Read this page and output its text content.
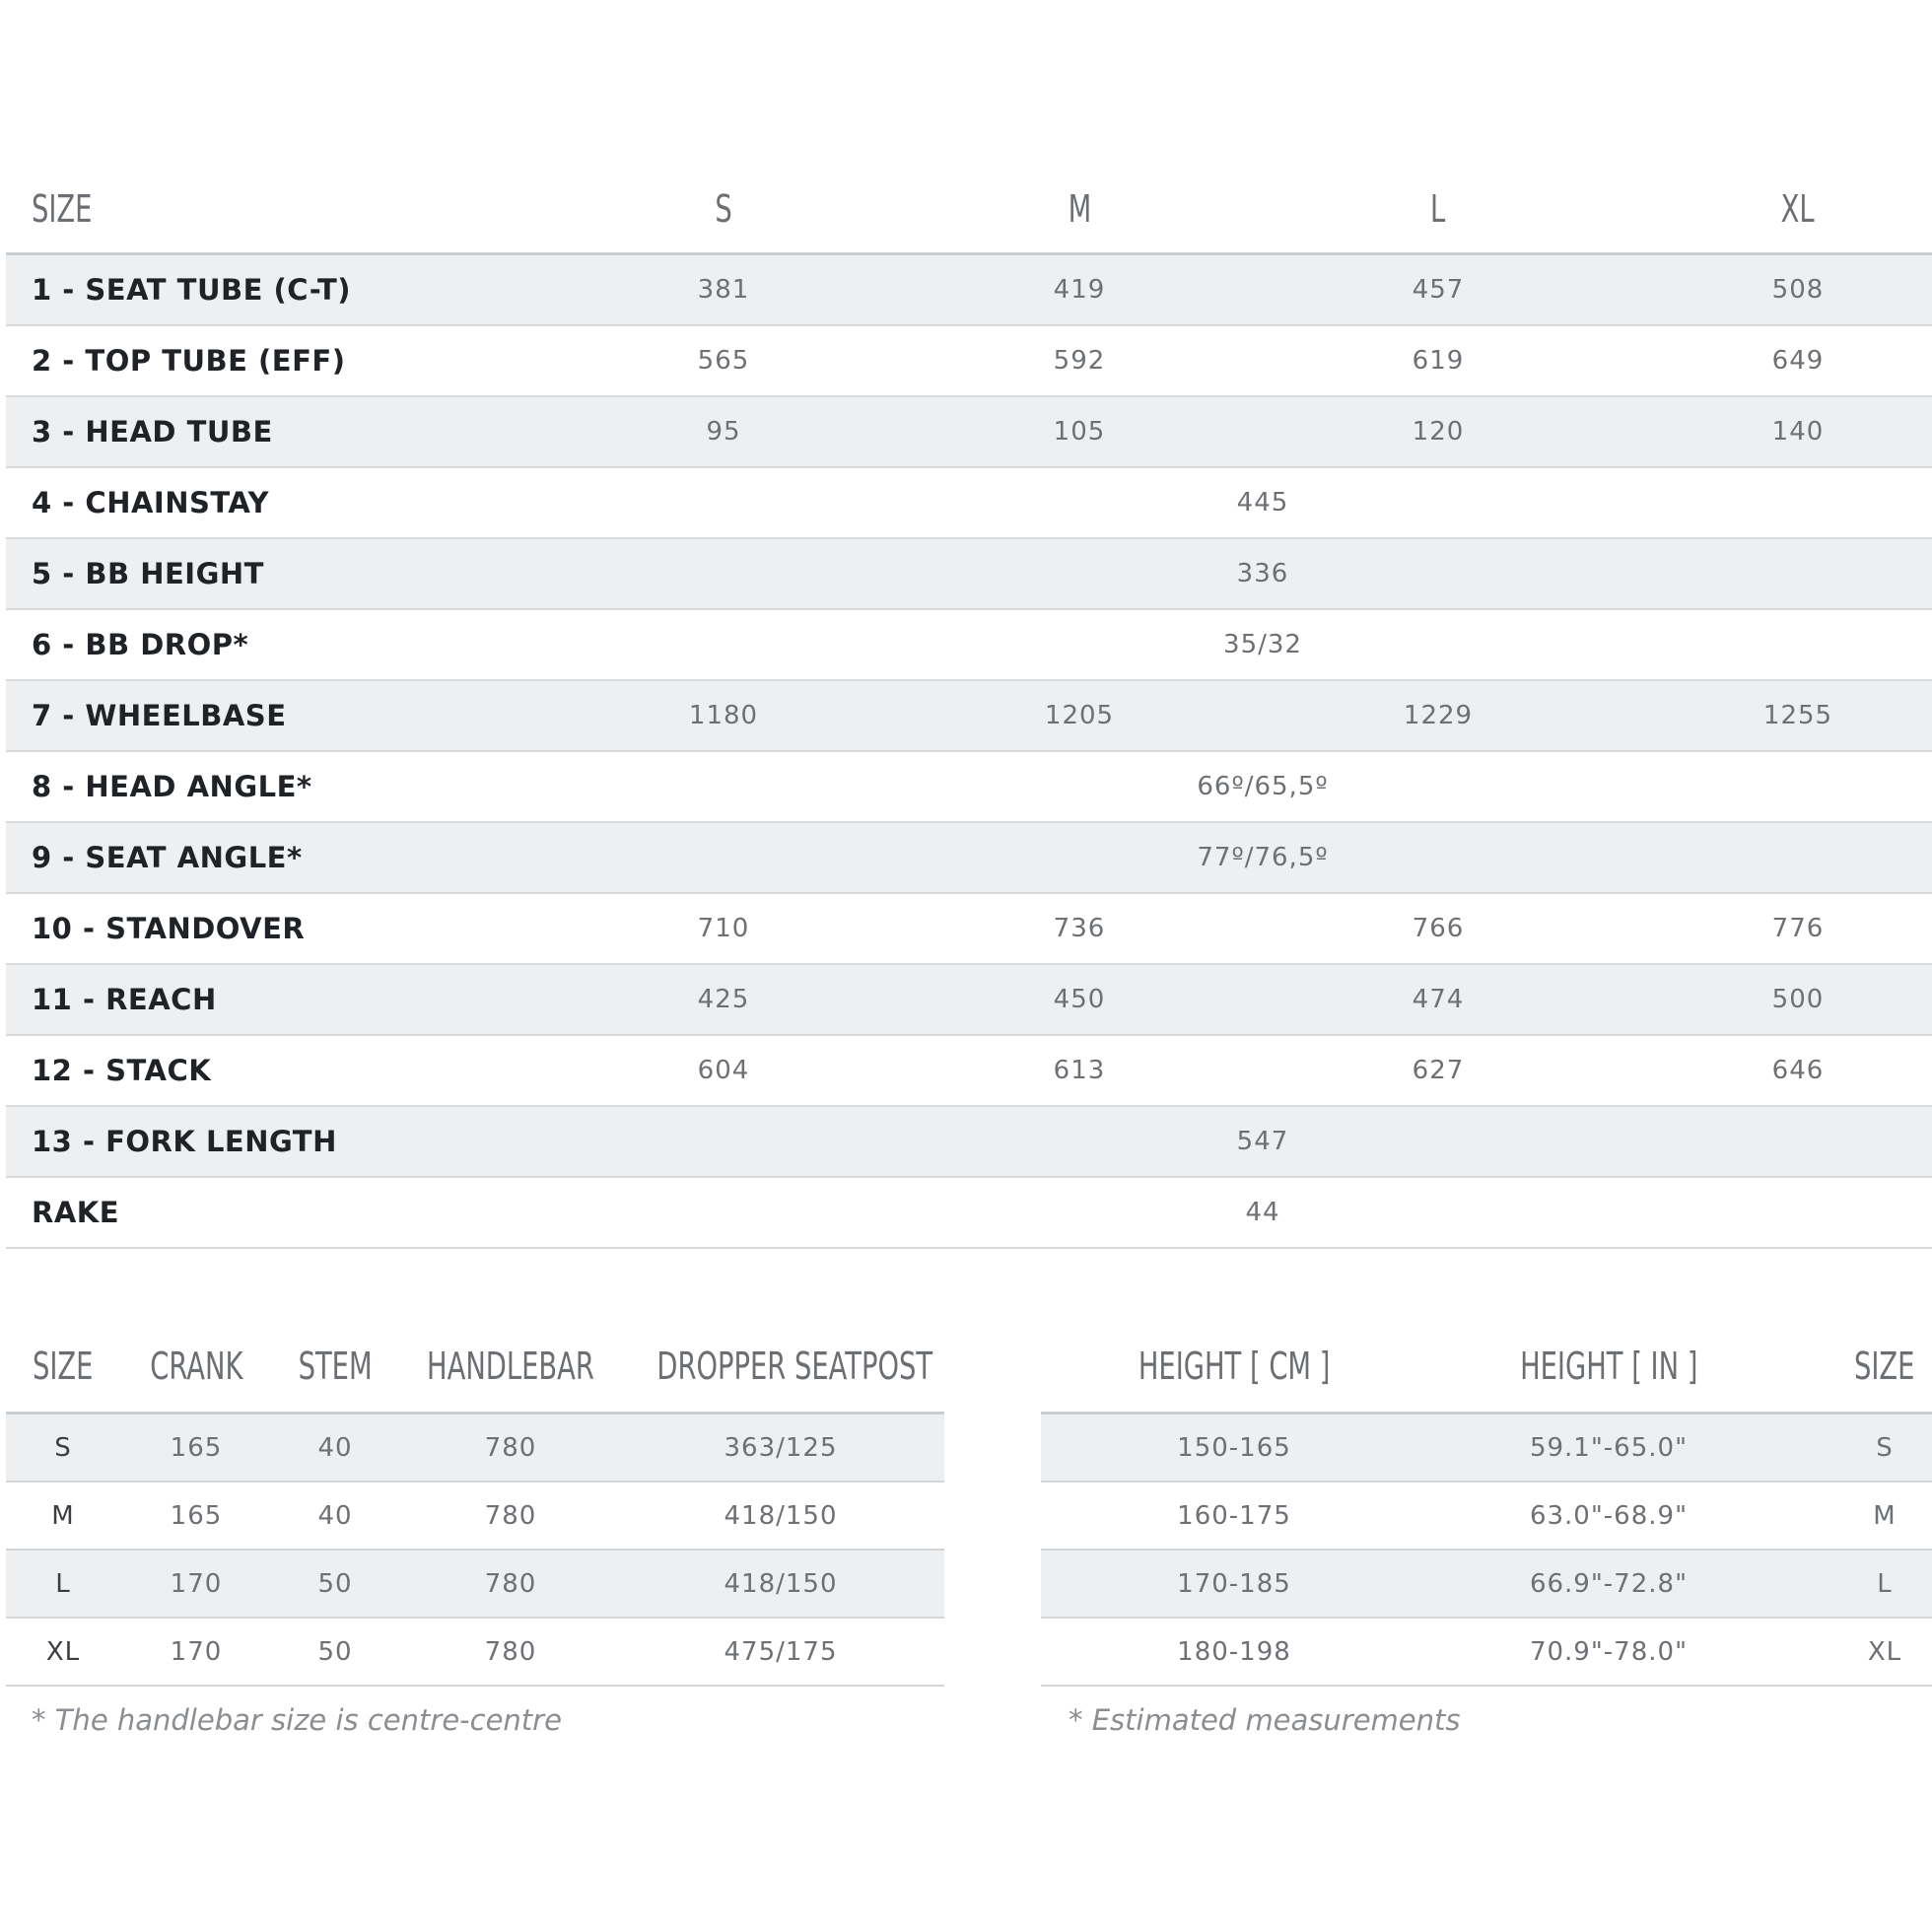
SIZE	S	M	L	XL
1 - SEAT TUBE (C-T)	381	419	457	508
2 - TOP TUBE (EFF)	565	592	619	649
3 - HEAD TUBE	95	105	120	140
4 - CHAINSTAY	445
5 - BB HEIGHT	336
6 - BB DROP*	35/32
7 - WHEELBASE	1180	1205	1229	1255
8 - HEAD ANGLE*	66º/65,5º
9 - SEAT ANGLE*	77º/76,5º
10 - STANDOVER	710	736	766	776
11 - REACH	425	450	474	500
12 - STACK	604	613	627	646
13 - FORK LENGTH	547
RAKE	44
SIZE	CRANK	STEM	HANDLEBAR	DROPPER SEATPOST
S	165	40	780	363/125
M	165	40	780	418/150
L	170	50	780	418/150
XL	170	50	780	475/175
HEIGHT [ CM ]	HEIGHT [ IN ]	SIZE
150-165	59.1"-65.0"	S
160-175	63.0"-68.9"	M
170-185	66.9"-72.8"	L
180-198	70.9"-78.0"	XL
* The handlebar size is centre-centre	* Estimated measurements
